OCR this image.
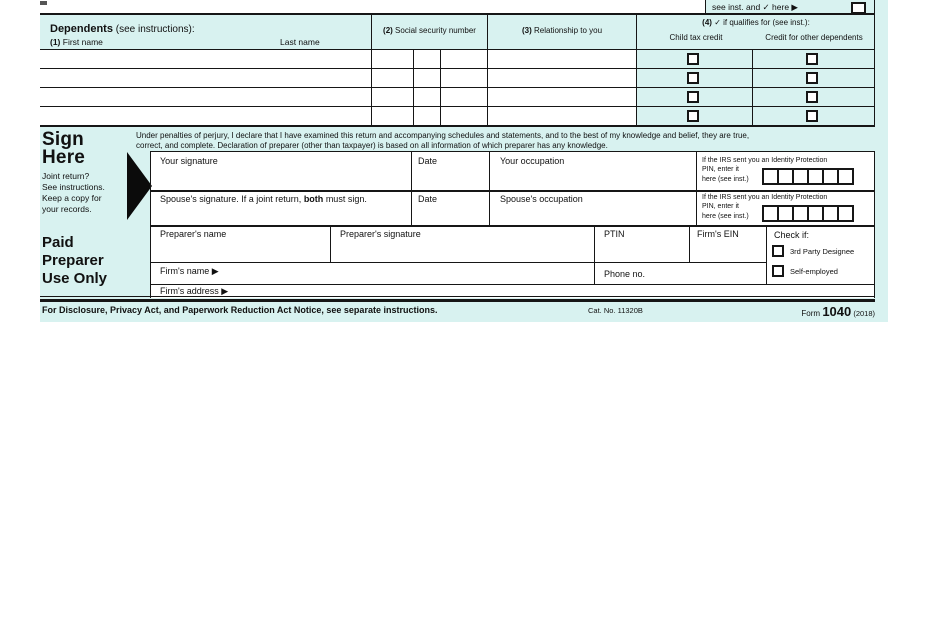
see inst. and ✓ here ▶
Dependents (see instructions):
(1) First name	Last name
(2) Social security number	(3) Relationship to you
(4) ✓ if qualifies for (see inst.):
Child tax credit	Credit for other dependents
Sign
Here
Joint return?
See instructions.
Keep a copy for
your records.
Under penalties of perjury, I declare that I have examined this return and accompanying schedules and statements, and to the best of my knowledge and belief, they are true,
correct, and complete. Declaration of preparer (other than taxpayer) is based on all information of which preparer has any knowledge.
Your signature	Date	Your occupation	If the IRS sent you an Identity Protection
PIN, enter it
here (see inst.)
Spouse's signature. If a joint return, both must sign.	Date	Spouse's occupation	If the IRS sent you an Identity Protection
PIN, enter it
here (see inst.)
Paid
Preparer
Use Only
Preparer's name	Preparer's signature	PTIN	Firm's EIN	Check if:
3rd Party Designee
Self-employed
Firm's name ▶	Phone no.
Firm's address ▶
For Disclosure, Privacy Act, and Paperwork Reduction Act Notice, see separate instructions.	Cat. No. 11320B	Form 1040 (2018)
